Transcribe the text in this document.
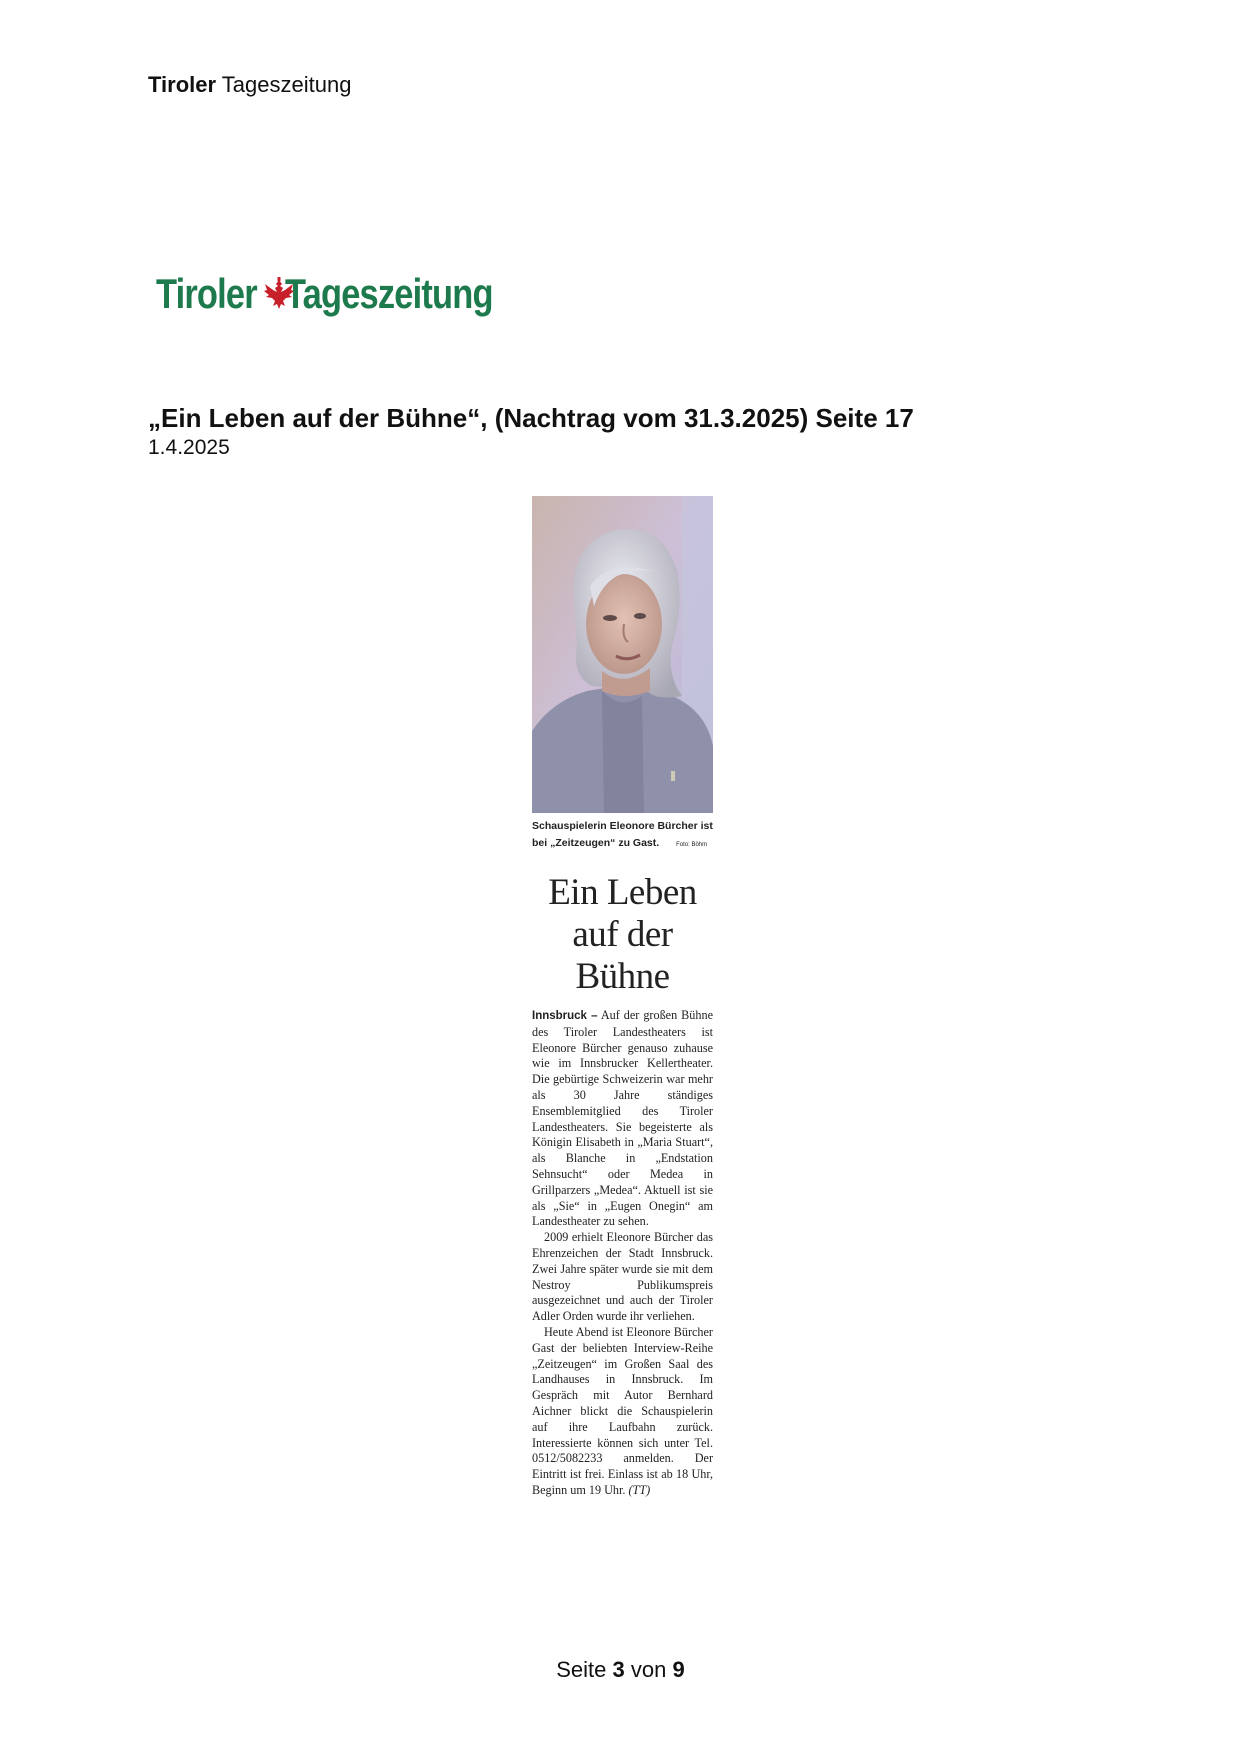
Tiroler Tageszeitung
Tiroler Tageszeitung
„Ein Leben auf der Bühne“, (Nachtrag vom 31.3.2025) Seite 17
1.4.2025
Schauspielerin Eleonore Bürcher ist
bei „Zeitzeugen“ zu Gast.	Foto: Böhm
Ein Leben
auf der
Bühne

Innsbruck – Auf der großen Bühne des Tiroler Landestheaters ist Eleonore Bürcher genauso zuhause wie im Innsbrucker Kellertheater. Die gebürtige Schweizerin war mehr als 30 Jahre ständiges Ensemblemitglied des Tiroler Landestheaters. Sie begeisterte als Königin Elisabeth in „Maria Stuart“, als Blanche in „Endstation Sehnsucht“ oder Medea in Grillparzers „Medea“. Aktuell ist sie als „Sie“ in „Eugen Onegin“ am Landestheater zu sehen.

2009 erhielt Eleonore Bürcher das Ehrenzeichen der Stadt Innsbruck. Zwei Jahre später wurde sie mit dem Nestroy Publikumspreis ausgezeichnet und auch der Tiroler Adler Orden wurde ihr verliehen.

Heute Abend ist Eleonore Bürcher Gast der beliebten Interview-Reihe „Zeitzeugen“ im Großen Saal des Landhauses in Innsbruck. Im Gespräch mit Autor Bernhard Aichner blickt die Schauspielerin auf ihre Laufbahn zurück. Interessierte können sich unter Tel. 0512/5082233 anmelden. Der Eintritt ist frei. Einlass ist ab 18 Uhr, Beginn um 19 Uhr. (TT)

Seite 3 von 9
